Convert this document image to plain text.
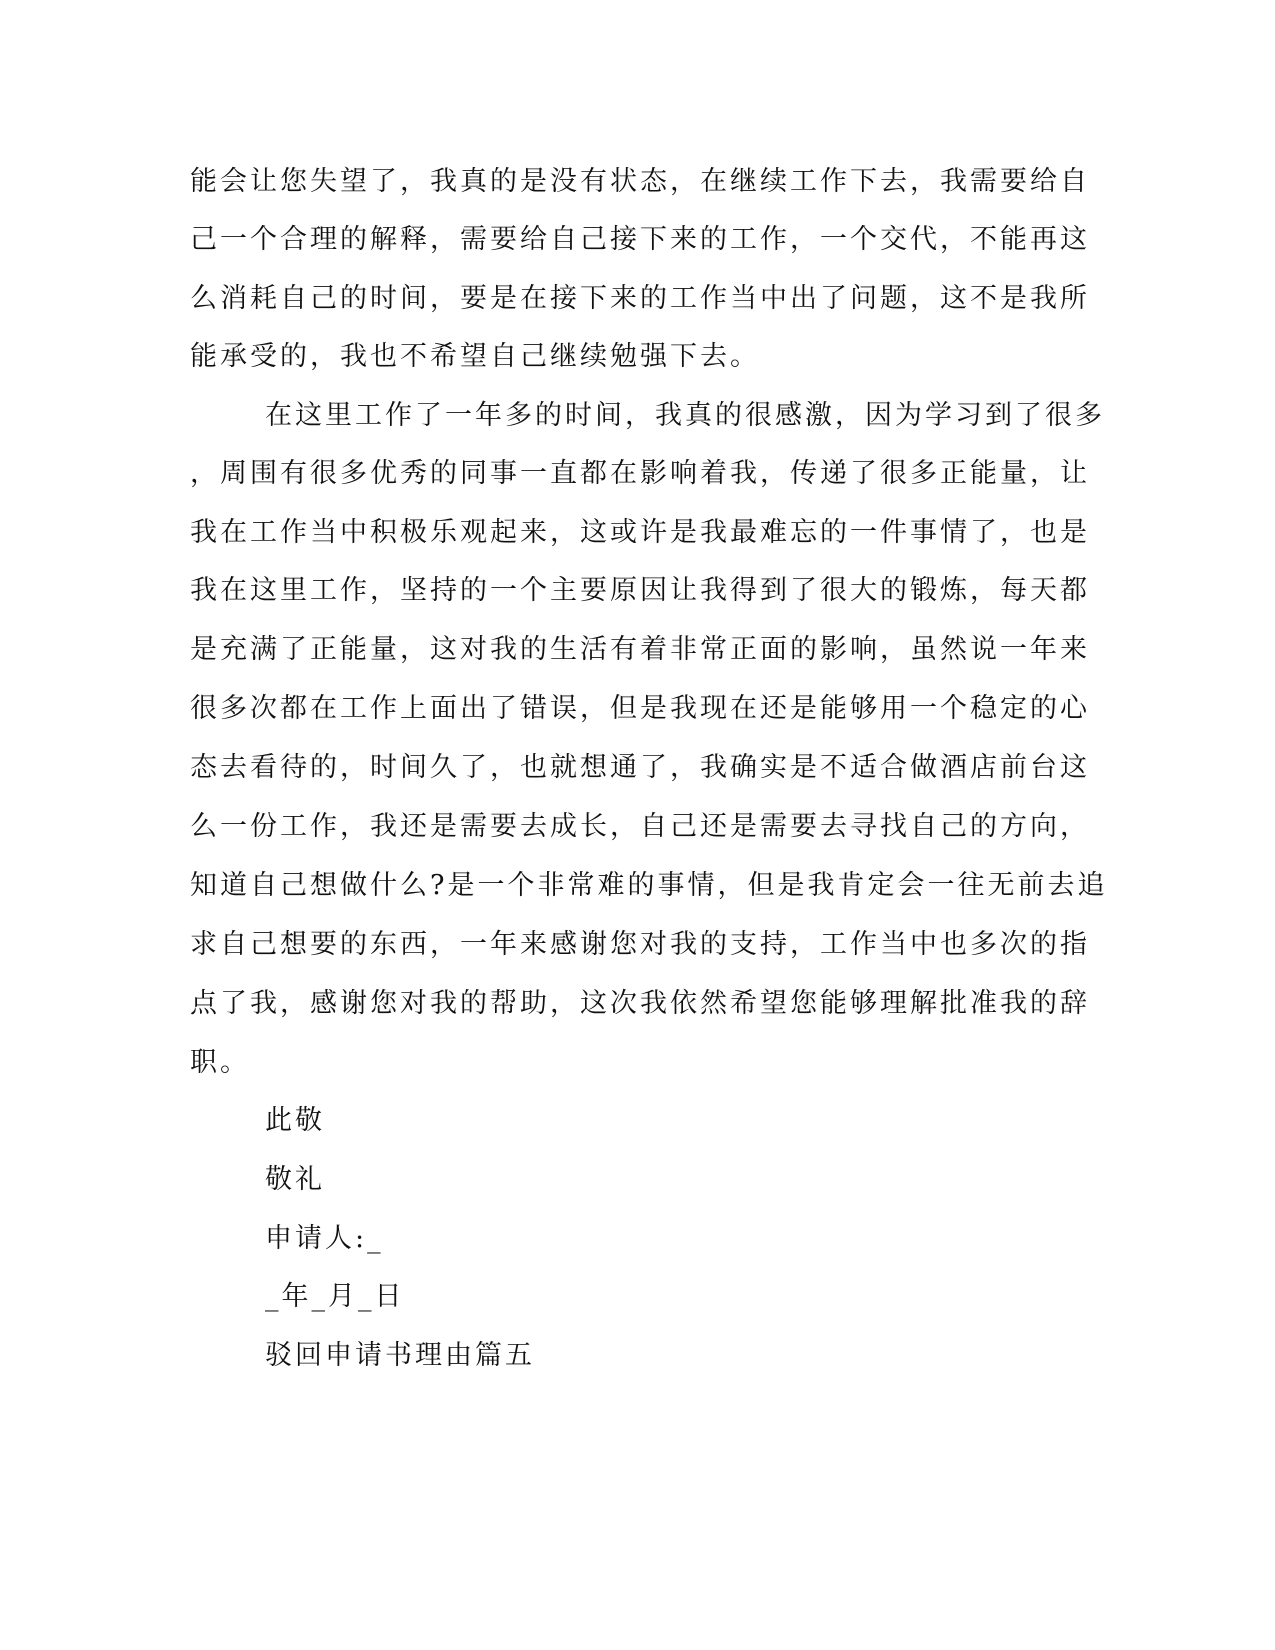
能会让您失望了，我真的是没有状态，在继续工作下去，我需要给自
己一个合理的解释，需要给自己接下来的工作，一个交代，不能再这
么消耗自己的时间，要是在接下来的工作当中出了问题，这不是我所
能承受的，我也不希望自己继续勉强下去。
在这里工作了一年多的时间，我真的很感激，因为学习到了很多
，周围有很多优秀的同事一直都在影响着我，传递了很多正能量，让
我在工作当中积极乐观起来，这或许是我最难忘的一件事情了，也是
我在这里工作，坚持的一个主要原因让我得到了很大的锻炼，每天都
是充满了正能量，这对我的生活有着非常正面的影响，虽然说一年来
很多次都在工作上面出了错误，但是我现在还是能够用一个稳定的心
态去看待的，时间久了，也就想通了，我确实是不适合做酒店前台这
么一份工作，我还是需要去成长，自己还是需要去寻找自己的方向，
知道自己想做什么?是一个非常难的事情，但是我肯定会一往无前去追
求自己想要的东西，一年来感谢您对我的支持，工作当中也多次的指
点了我，感谢您对我的帮助，这次我依然希望您能够理解批准我的辞
职。
此敬
敬礼
申请人:_
_年_月_日
驳回申请书理由篇五
